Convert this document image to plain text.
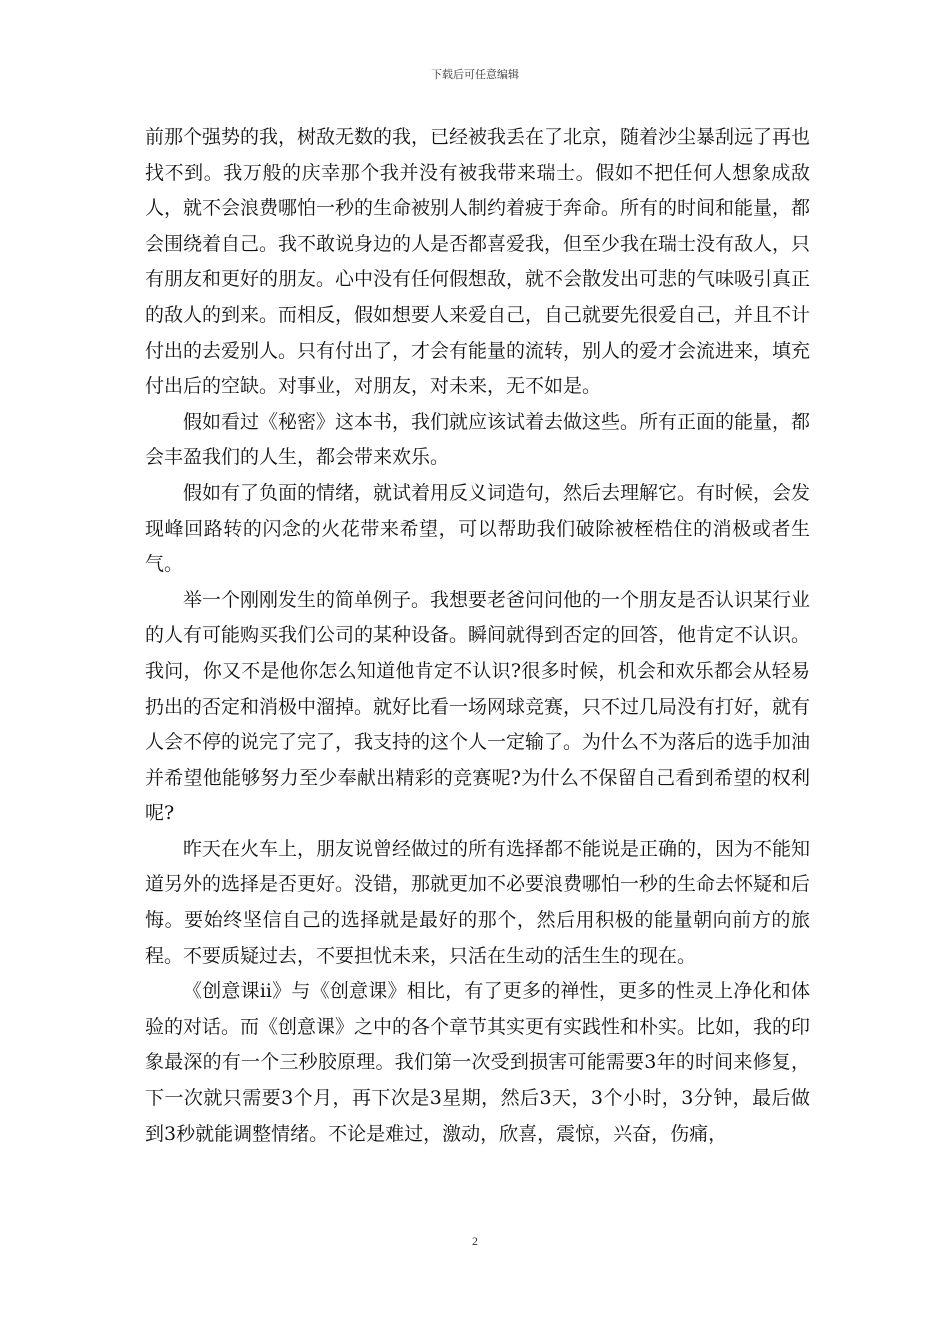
下载后可任意编辑

前那个强势的我，树敌无数的我，已经被我丢在了北京，随着沙尘暴刮远了再也找不到。我万般的庆幸那个我并没有被我带来瑞士。假如不把任何人想象成敌人，就不会浪费哪怕一秒的生命被别人制约着疲于奔命。所有的时间和能量，都会围绕着自己。我不敢说身边的人是否都喜爱我，但至少我在瑞士没有敌人，只有朋友和更好的朋友。心中没有任何假想敌，就不会散发出可悲的气味吸引真正的敌人的到来。而相反，假如想要人来爱自己，自己就要先很爱自己，并且不计付出的去爱别人。只有付出了，才会有能量的流转，别人的爱才会流进来，填充付出后的空缺。对事业，对朋友，对未来，无不如是。

假如看过《秘密》这本书，我们就应该试着去做这些。所有正面的能量，都会丰盈我们的人生，都会带来欢乐。

假如有了负面的情绪，就试着用反义词造句，然后去理解它。有时候，会发现峰回路转的闪念的火花带来希望，可以帮助我们破除被桎梏住的消极或者生气。

举一个刚刚发生的简单例子。我想要老爸问问他的一个朋友是否认识某行业的人有可能购买我们公司的某种设备。瞬间就得到否定的回答，他肯定不认识。我问，你又不是他你怎么知道他肯定不认识?很多时候，机会和欢乐都会从轻易扔出的否定和消极中溜掉。就好比看一场网球竞赛，只不过几局没有打好，就有人会不停的说完了完了，我支持的这个人一定输了。为什么不为落后的选手加油并希望他能够努力至少奉献出精彩的竞赛呢?为什么不保留自己看到希望的权利呢?

昨天在火车上，朋友说曾经做过的所有选择都不能说是正确的，因为不能知道另外的选择是否更好。没错，那就更加不必要浪费哪怕一秒的生命去怀疑和后悔。要始终坚信自己的选择就是最好的那个，然后用积极的能量朝向前方的旅程。不要质疑过去，不要担忧未来，只活在生动的活生生的现在。

《创意课ii》与《创意课》相比，有了更多的禅性，更多的性灵上净化和体验的对话。而《创意课》之中的各个章节其实更有实践性和朴实。比如，我的印象最深的有一个三秒胶原理。我们第一次受到损害可能需要3年的时间来修复，下一次就只需要3个月，再下次是3星期，然后3天，3个小时，3分钟，最后做到3秒就能调整情绪。不论是难过，激动，欣喜，震惊，兴奋，伤痛，

2
